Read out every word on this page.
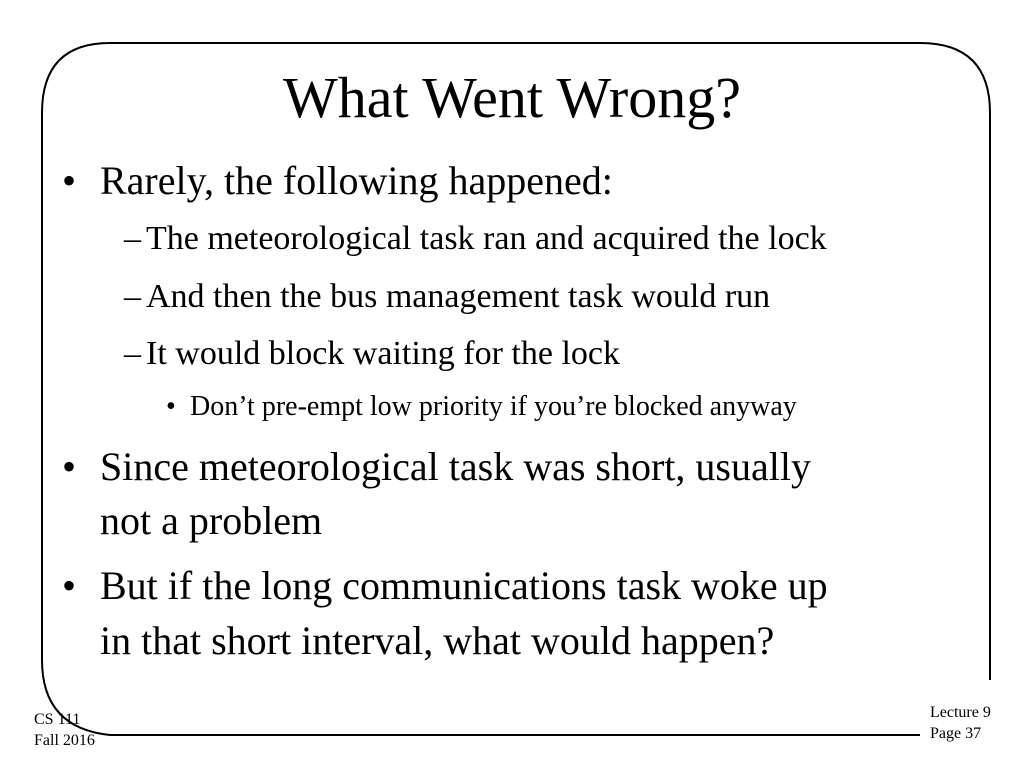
What Went Wrong?
• Rarely, the following happened:
– The meteorological task ran and acquired the lock
– And then the bus management task would run
– It would block waiting for the lock
• Don’t pre-empt low priority if you’re blocked anyway
• Since meteorological task was short, usually
not a problem
• But if the long communications task woke up
in that short interval, what would happen?
CS 111
Fall 2016
Lecture 9
Page 37
